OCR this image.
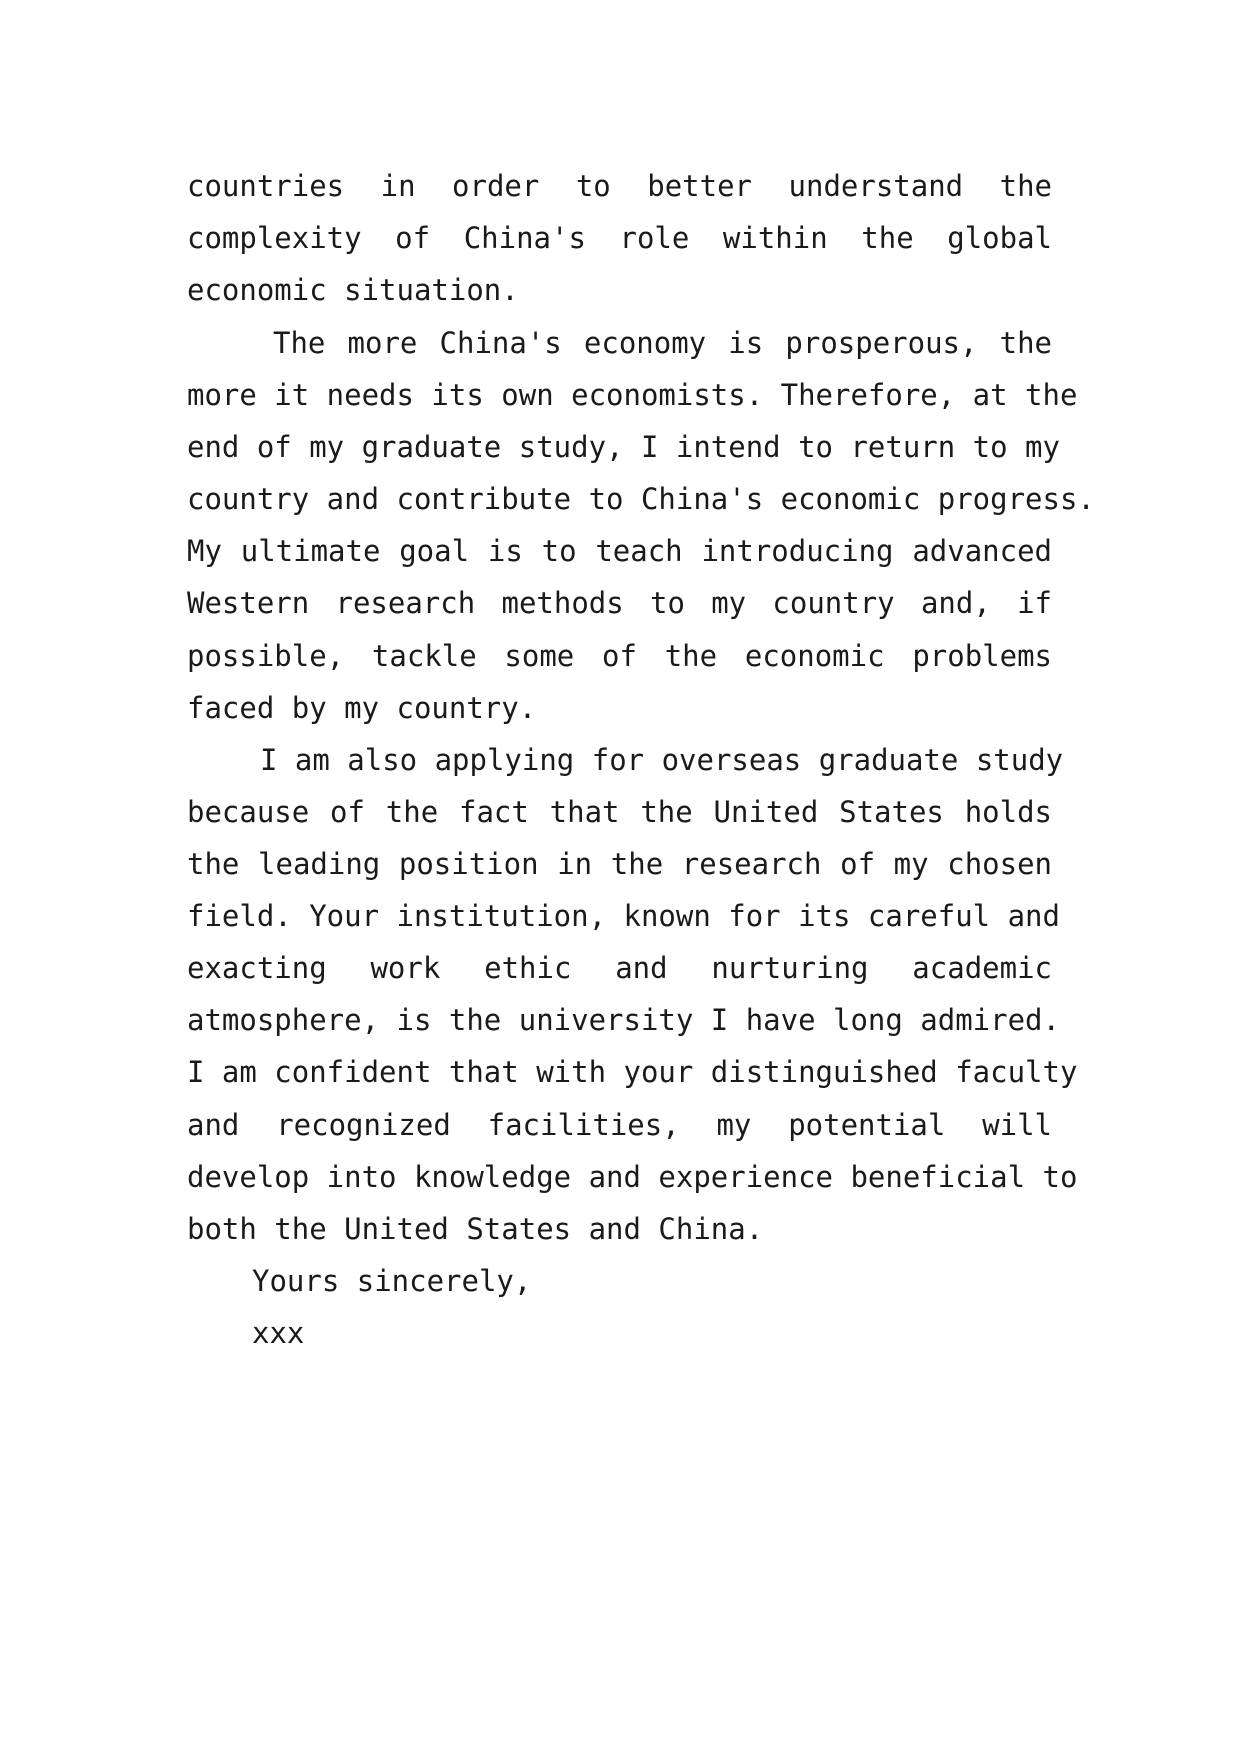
countries in order to better understand the
complexity of China's role within the global
economic situation.
The more China's economy is prosperous, the
more it needs its own economists. Therefore, at the
end of my graduate study, I intend to return to my
country and contribute to China's economic progress.
My ultimate goal is to teach introducing advanced
Western research methods to my country and, if
possible, tackle some of the economic problems
faced by my country.
I am also applying for overseas graduate study
because of the fact that the United States holds
the leading position in the research of my chosen
field. Your institution, known for its careful and
exacting work ethic and nurturing academic
atmosphere, is the university I have long admired.
I am confident that with your distinguished faculty
and recognized facilities, my potential will
develop into knowledge and experience beneficial to
both the United States and China.
Yours sincerely,
xxx
